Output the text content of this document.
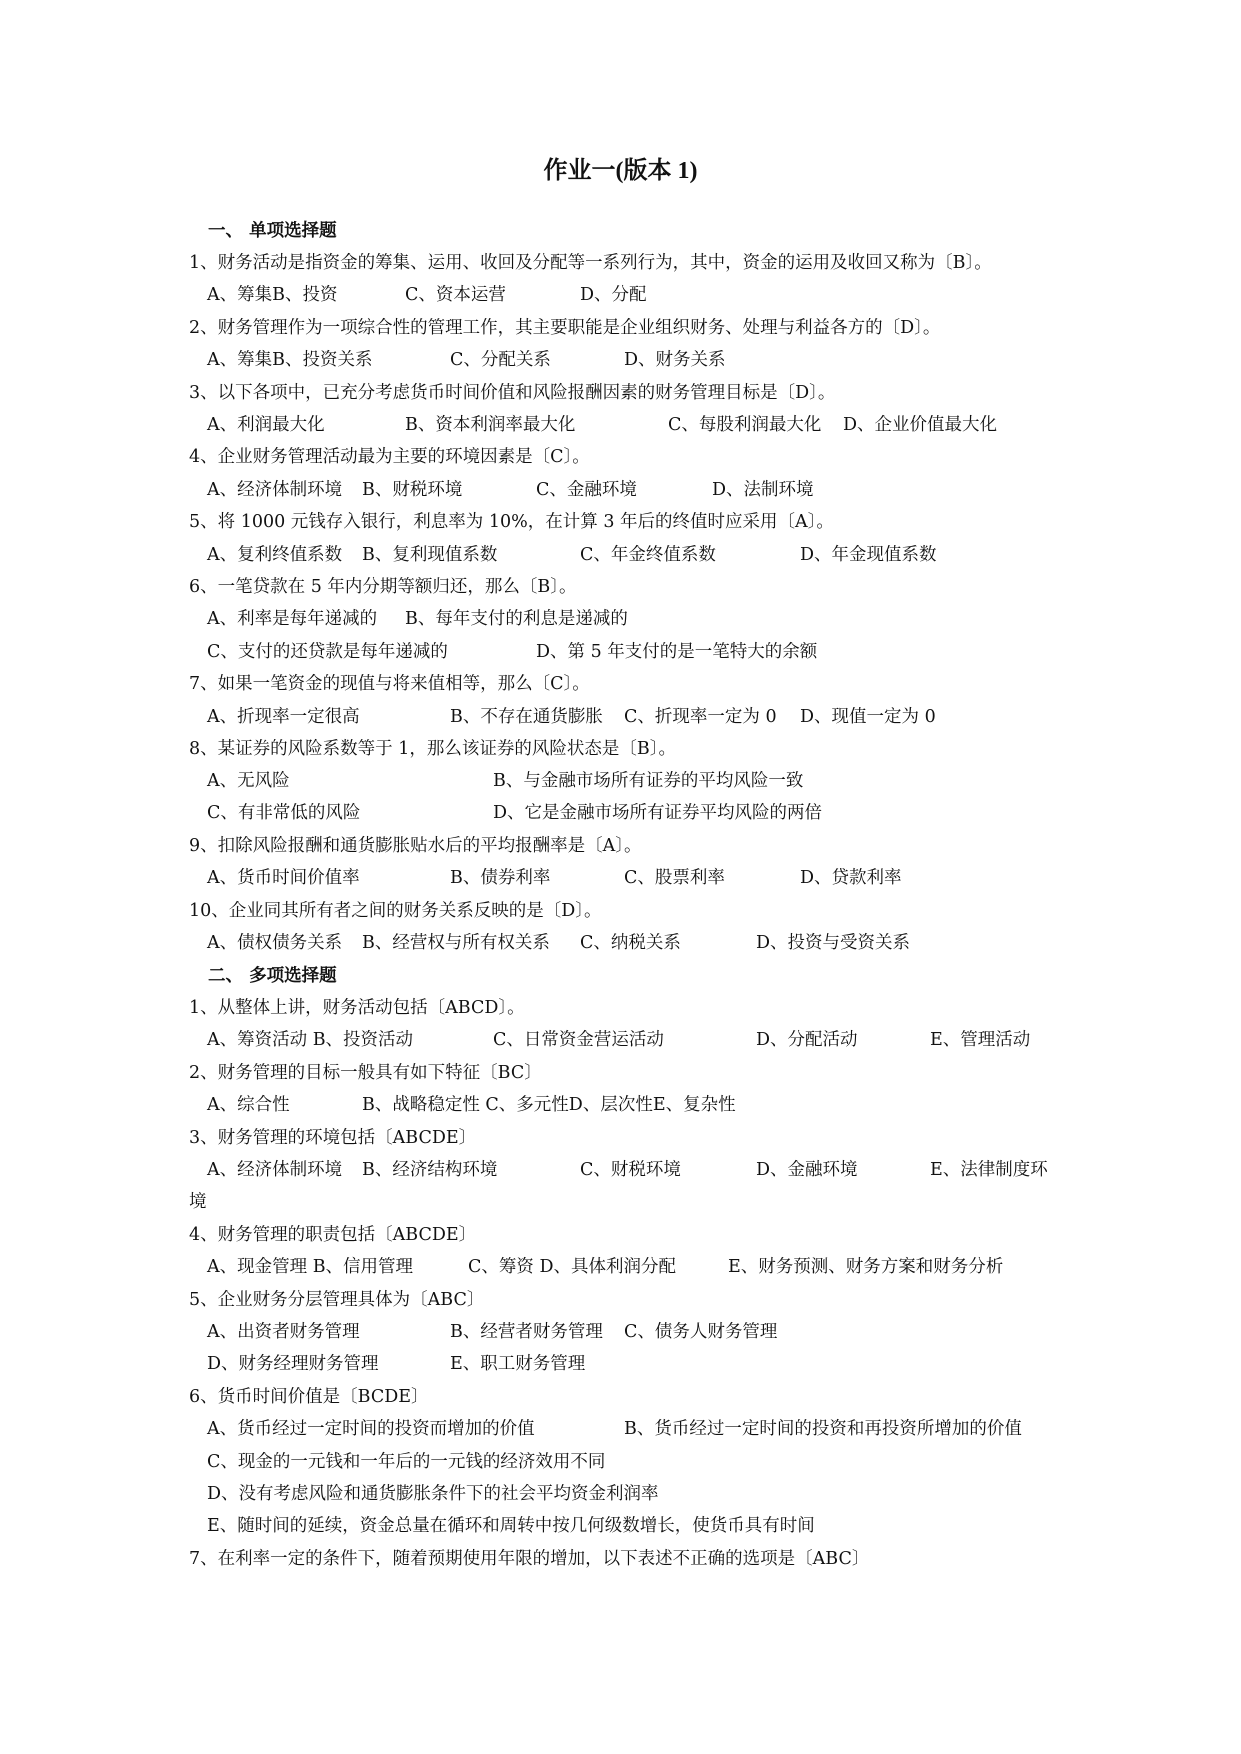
作业一(版本 1)
一、 单项选择题
1、财务活动是指资金的筹集、运用、收回及分配等一系列行为，其中，资金的运用及收回又称为〔B〕。
A、筹集B、投资	C、资本运营	D、分配
2、财务管理作为一项综合性的管理工作，其主要职能是企业组织财务、处理与利益各方的〔D〕。
A、筹集B、投资关系	C、分配关系	D、财务关系
3、以下各项中，已充分考虑货币时间价值和风险报酬因素的财务管理目标是〔D〕。
A、利润最大化	B、资本利润率最大化	C、每股利润最大化 D、企业价值最大化
4、企业财务管理活动最为主要的环境因素是〔C〕。
A、经济体制环境 B、财税环境	C、金融环境	D、法制环境
5、将 1000 元钱存入银行，利息率为 10%，在计算 3 年后的终值时应采用〔A〕。
A、复利终值系数 B、复利现值系数	C、年金终值系数	D、年金现值系数
6、一笔贷款在 5 年内分期等额归还，那么〔B〕。
A、利率是每年递减的 B、每年支付的利息是递减的
C、支付的还贷款是每年递减的	D、第 5 年支付的是一笔特大的余额
7、如果一笔资金的现值与将来值相等，那么〔C〕。
A、折现率一定很高	B、不存在通货膨胀 C、折现率一定为 0 D、现值一定为 0
8、某证券的风险系数等于 1，那么该证券的风险状态是〔B〕。
A、无风险	B、与金融市场所有证券的平均风险一致
C、有非常低的风险	D、它是金融市场所有证券平均风险的两倍
9、扣除风险报酬和通货膨胀贴水后的平均报酬率是〔A〕。
A、货币时间价值率	B、债券利率	C、股票利率	D、贷款利率
10、企业同其所有者之间的财务关系反映的是〔D〕。
A、债权债务关系 B、经营权与所有权关系 C、纳税关系	D、投资与受资关系
二、 多项选择题
1、从整体上讲，财务活动包括〔ABCD〕。
A、筹资活动 B、投资活动	C、日常资金营运活动	D、分配活动	E、管理活动
2、财务管理的目标一般具有如下特征〔BC〕
A、综合性	B、战略稳定性 C、多元性D、层次性E、复杂性
3、财务管理的环境包括〔ABCDE〕
A、经济体制环境 B、经济结构环境	C、财税环境	D、金融环境	E、法律制度环
境
4、财务管理的职责包括〔ABCDE〕
A、现金管理 B、信用管理	C、筹资 D、具体利润分配	E、财务预测、财务方案和财务分析
5、企业财务分层管理具体为〔ABC〕
A、出资者财务管理	B、经营者财务管理 C、债务人财务管理
D、财务经理财务管理	E、职工财务管理
6、货币时间价值是〔BCDE〕
A、货币经过一定时间的投资而增加的价值	B、货币经过一定时间的投资和再投资所增加的价值
C、现金的一元钱和一年后的一元钱的经济效用不同
D、没有考虑风险和通货膨胀条件下的社会平均资金利润率
E、随时间的延续，资金总量在循环和周转中按几何级数增长，使货币具有时间
7、在利率一定的条件下，随着预期使用年限的增加，以下表述不正确的选项是〔ABC〕
